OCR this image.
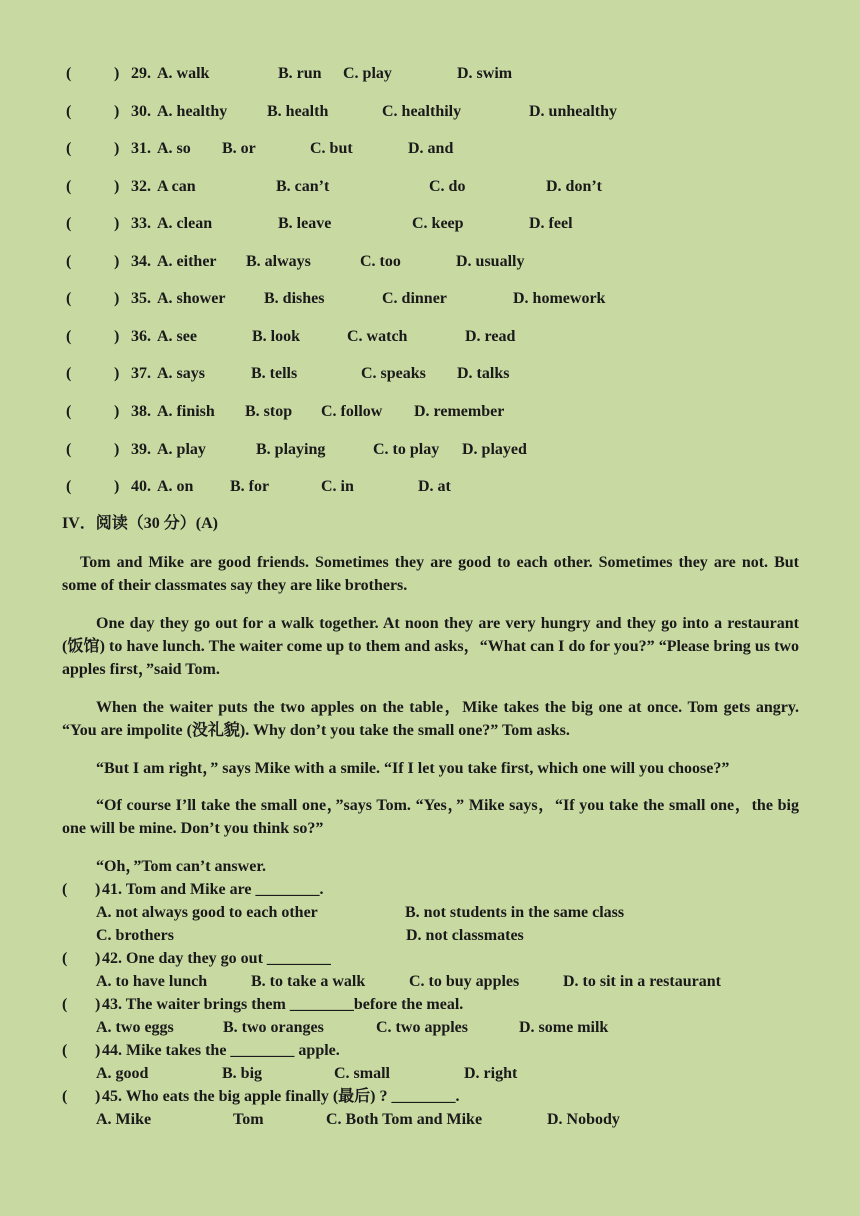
(	) 29. A. walk	B. run C. play	D. swim
(	) 30. A. healthy B. health	C. healthily	D. unhealthy
(	) 31. A. so B. or	C. but	D. and
(	) 32. A can	B. can’t	C. do	D. don’t
(	) 33. A. clean	B. leave	C. keep	D. feel
(	) 34. A. either B. always	C. too	D. usually
(	) 35. A. shower B. dishes	C. dinner	D. homework
(	) 36. A. see	B. look	C. watch	D. read
(	) 37. A. says	B. tells	C. speaks D. talks
(	) 38. A. finish B. stop C. follow D. remember
(	) 39. A. play	B. playing	C. to play D. played
(	) 40. A. on B. for	C. in	D. at
IV．阅读（30 分）(A)

Tom and Mike are good friends. Sometimes they are good to each other. Sometimes they are not. But some of their classmates say they are like brothers.

One day they go out for a walk together. At noon they are very hungry and they go into a restaurant (饭馆) to have lunch. The waiter come up to them and asks，“What can I do for you?” “Please bring us two apples first，”said Tom.

When the waiter puts the two apples on the table，Mike takes the big one at once. Tom gets angry. “You are impolite (没礼貌). Why don’t you take the small one?” Tom asks.

“But I am right，” says Mike with a smile. “If I let you take first, which one will you choose?”

“Of course I’ll take the small one，”says Tom. “Yes，” Mike says，“If you take the small one，the big one will be mine. Don’t you think so?”

“Oh，”Tom can’t answer.

( ) 41. Tom and Mike are ________.
A. not always good to each other	B. not students in the same class
C. brothers	D. not classmates
( ) 42. One day they go out ________
A. to have lunch	B. to take a walk	C. to buy apples	D. to sit in a restaurant
( ) 43. The waiter brings them ________before the meal.
A. two eggs	B. two oranges	C. two apples	D. some milk
( ) 44. Mike takes the ________ apple.
A. good	B. big	C. small	D. right
( ) 45. Who eats the big apple finally (最后) ? ________.
A. Mike	Tom	C. Both Tom and Mike	D. Nobody
